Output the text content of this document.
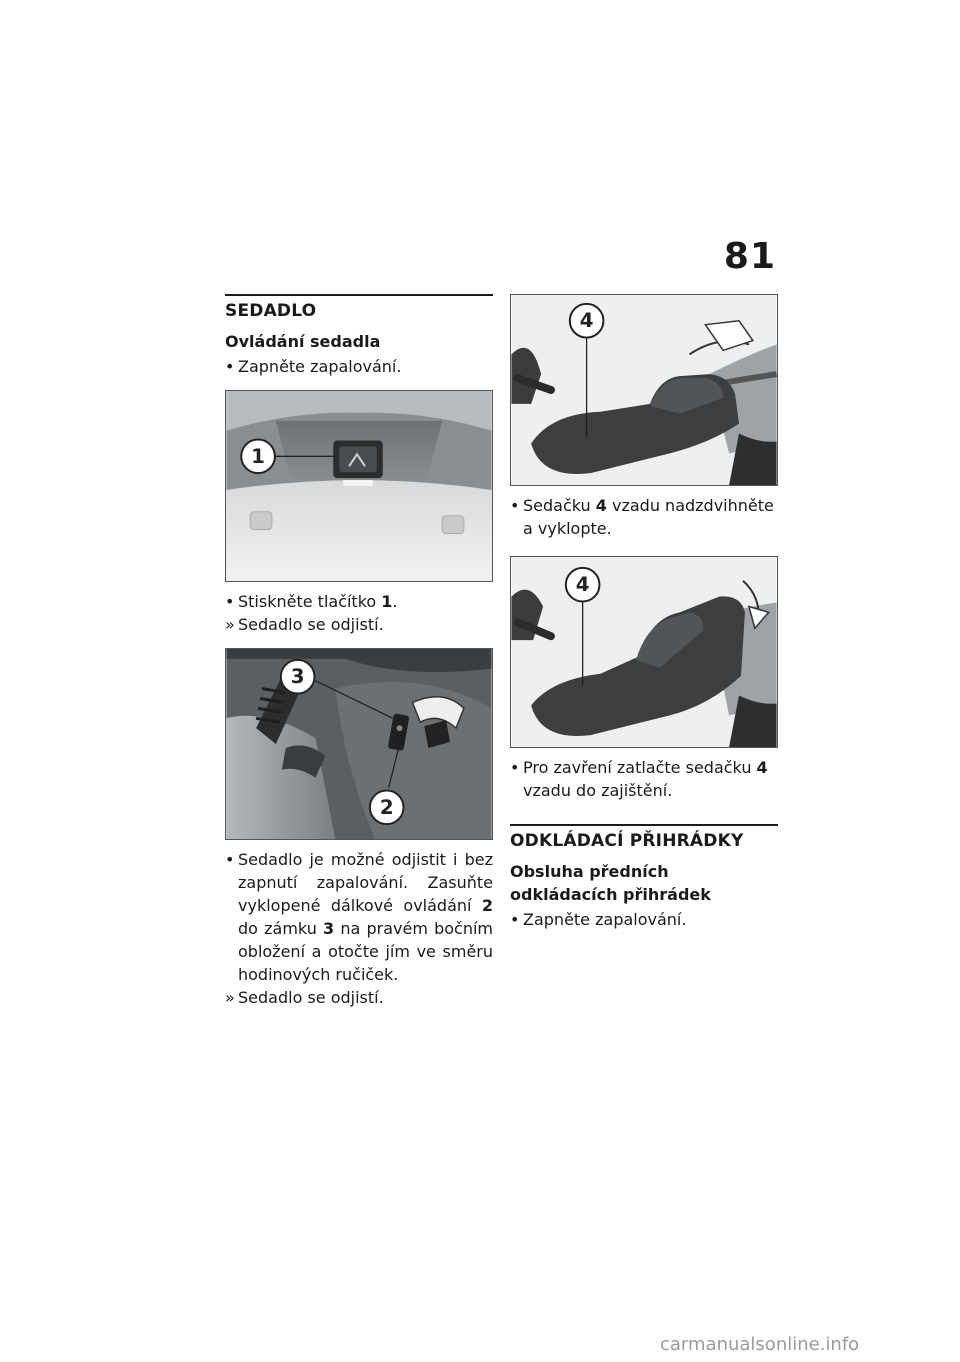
81
SEDADLO
Ovládání sedadla
• Zapněte zapalování.
1
• Stiskněte tlačítko 1.
» Sedadlo se odjistí.
3
2
• Sedadlo je možné odjistit i bez zapnutí zapalování. Zasuňte vyklopené dálkové ovládání 2 do zámku 3 na pravém bočním obložení a otočte jím ve směru hodinových ručiček.
» Sedadlo se odjistí.
4
• Sedačku 4 vzadu nadzdvihněte a vyklopte.
4
• Pro zavření zatlačte sedačku 4 vzadu do zajištění.
ODKLÁDACÍ PŘIHRÁDKY
Obsluha předních odkládacích přihrádek
• Zapněte zapalování.
carmanualsonline.info
